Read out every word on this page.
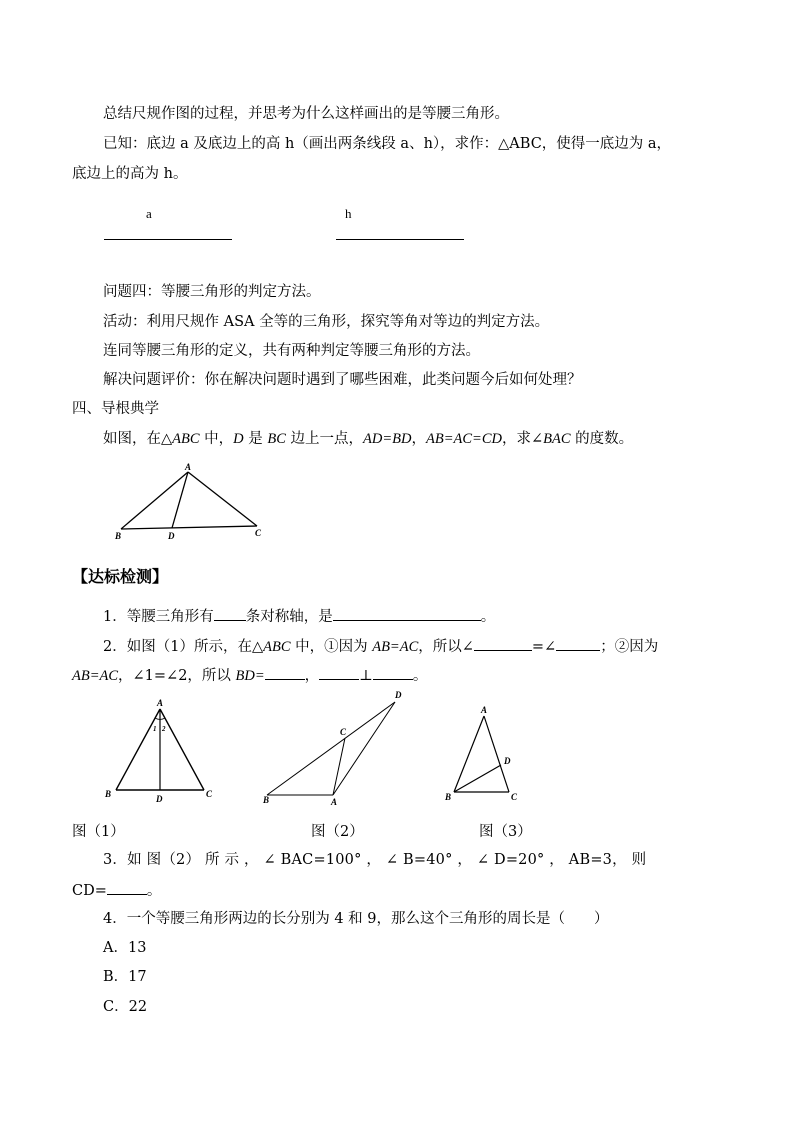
总结尺规作图的过程，并思考为什么这样画出的是等腰三角形。
已知：底边 a 及底边上的高 h（画出两条线段 a、h），求作：△ABC，使得一底边为 a，
底边上的高为 h。
a	h
问题四：等腰三角形的判定方法。
活动：利用尺规作 ASA 全等的三角形，探究等角对等边的判定方法。
连同等腰三角形的定义，共有两种判定等腰三角形的方法。
解决问题评价：你在解决问题时遇到了哪些困难，此类问题今后如何处理？
四、导根典学
如图，在△ABC 中，D 是 BC 边上一点，AD=BD，AB=AC=CD，求∠BAC 的度数。
A
B	D	C
【达标检测】
1．等腰三角形有 条对称轴，是	。
2．如图（1）所示，在△ABC 中，①因为 AB=AC，所以∠	=∠	；②因为
AB=AC，∠1=∠2，所以 BD=	，	⊥	。
A
B	D	C
1 2
D
C
B	A
A
D
B	C
图（1）	图（2）	图（3）
3．如 图（2） 所 示 ， ∠ BAC=100° ， ∠ B=40° ， ∠ D=20° ， AB=3， 则
CD=	。
4．一个等腰三角形两边的长分别为 4 和 9，那么这个三角形的周长是（　　）
A．13
B．17
C．22
